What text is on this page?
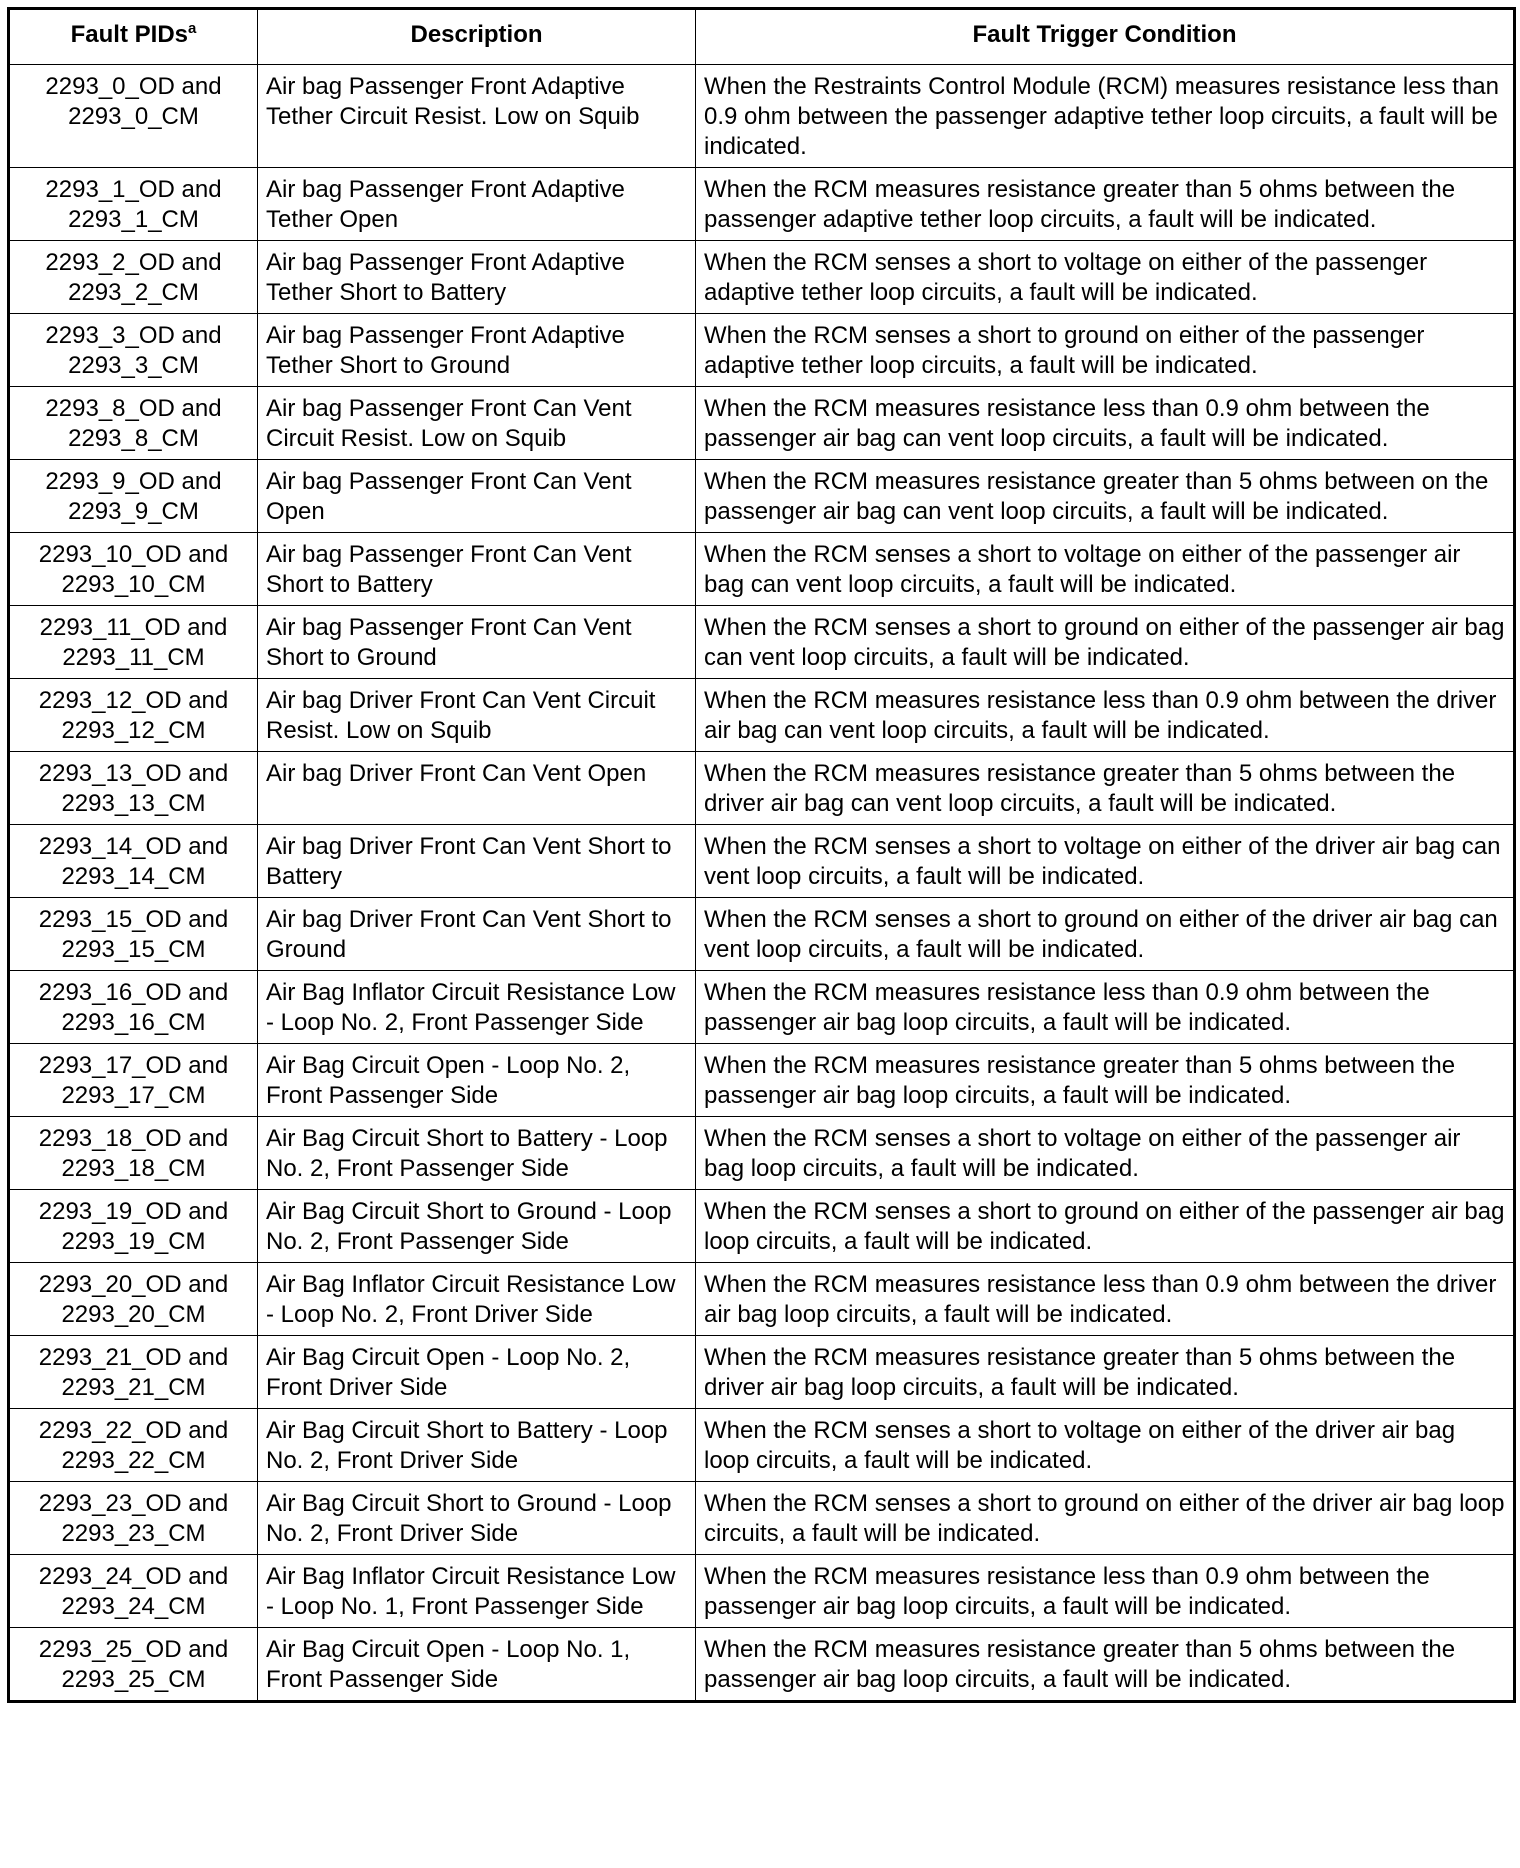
Fault PIDs$^a$	Description	Fault Trigger Condition

2293_0_OD and
2293_0_CM	Air bag Passenger Front Adaptive Tether Circuit Resist. Low on Squib	When the Restraints Control Module (RCM) measures resistance less than 0.9 ohm between the passenger adaptive tether loop circuits, a fault will be indicated.

2293_1_OD and
2293_1_CM	Air bag Passenger Front Adaptive Tether Open	When the RCM measures resistance greater than 5 ohms between the passenger adaptive tether loop circuits, a fault will be indicated.

2293_2_OD and
2293_2_CM	Air bag Passenger Front Adaptive Tether Short to Battery	When the RCM senses a short to voltage on either of the passenger adaptive tether loop circuits, a fault will be indicated.

2293_3_OD and
2293_3_CM	Air bag Passenger Front Adaptive Tether Short to Ground	When the RCM senses a short to ground on either of the passenger adaptive tether loop circuits, a fault will be indicated.

2293_8_OD and
2293_8_CM	Air bag Passenger Front Can Vent Circuit Resist. Low on Squib	When the RCM measures resistance less than 0.9 ohm between the passenger air bag can vent loop circuits, a fault will be indicated.

2293_9_OD and
2293_9_CM	Air bag Passenger Front Can Vent Open	When the RCM measures resistance greater than 5 ohms between on the passenger air bag can vent loop circuits, a fault will be indicated.

2293_10_OD and
2293_10_CM	Air bag Passenger Front Can Vent Short to Battery	When the RCM senses a short to voltage on either of the passenger air bag can vent loop circuits, a fault will be indicated.

2293_11_OD and
2293_11_CM	Air bag Passenger Front Can Vent Short to Ground	When the RCM senses a short to ground on either of the passenger air bag can vent loop circuits, a fault will be indicated.

2293_12_OD and
2293_12_CM	Air bag Driver Front Can Vent Circuit Resist. Low on Squib	When the RCM measures resistance less than 0.9 ohm between the driver air bag can vent loop circuits, a fault will be indicated.

2293_13_OD and
2293_13_CM	Air bag Driver Front Can Vent Open	When the RCM measures resistance greater than 5 ohms between the driver air bag can vent loop circuits, a fault will be indicated.

2293_14_OD and
2293_14_CM	Air bag Driver Front Can Vent Short to Battery	When the RCM senses a short to voltage on either of the driver air bag can vent loop circuits, a fault will be indicated.

2293_15_OD and
2293_15_CM	Air bag Driver Front Can Vent Short to Ground	When the RCM senses a short to ground on either of the driver air bag can vent loop circuits, a fault will be indicated.

2293_16_OD and
2293_16_CM	Air Bag Inflator Circuit Resistance Low - Loop No. 2, Front Passenger Side	When the RCM measures resistance less than 0.9 ohm between the passenger air bag loop circuits, a fault will be indicated.

2293_17_OD and
2293_17_CM	Air Bag Circuit Open - Loop No. 2, Front Passenger Side	When the RCM measures resistance greater than 5 ohms between the passenger air bag loop circuits, a fault will be indicated.

2293_18_OD and
2293_18_CM	Air Bag Circuit Short to Battery - Loop No. 2, Front Passenger Side	When the RCM senses a short to voltage on either of the passenger air bag loop circuits, a fault will be indicated.

2293_19_OD and
2293_19_CM	Air Bag Circuit Short to Ground - Loop No. 2, Front Passenger Side	When the RCM senses a short to ground on either of the passenger air bag loop circuits, a fault will be indicated.

2293_20_OD and
2293_20_CM	Air Bag Inflator Circuit Resistance Low - Loop No. 2, Front Driver Side	When the RCM measures resistance less than 0.9 ohm between the driver air bag loop circuits, a fault will be indicated.

2293_21_OD and
2293_21_CM	Air Bag Circuit Open - Loop No. 2, Front Driver Side	When the RCM measures resistance greater than 5 ohms between the driver air bag loop circuits, a fault will be indicated.

2293_22_OD and
2293_22_CM	Air Bag Circuit Short to Battery - Loop No. 2, Front Driver Side	When the RCM senses a short to voltage on either of the driver air bag loop circuits, a fault will be indicated.

2293_23_OD and
2293_23_CM	Air Bag Circuit Short to Ground - Loop No. 2, Front Driver Side	When the RCM senses a short to ground on either of the driver air bag loop circuits, a fault will be indicated.

2293_24_OD and
2293_24_CM	Air Bag Inflator Circuit Resistance Low - Loop No. 1, Front Passenger Side	When the RCM measures resistance less than 0.9 ohm between the passenger air bag loop circuits, a fault will be indicated.

2293_25_OD and
2293_25_CM	Air Bag Circuit Open - Loop No. 1, Front Passenger Side	When the RCM measures resistance greater than 5 ohms between the passenger air bag loop circuits, a fault will be indicated.
